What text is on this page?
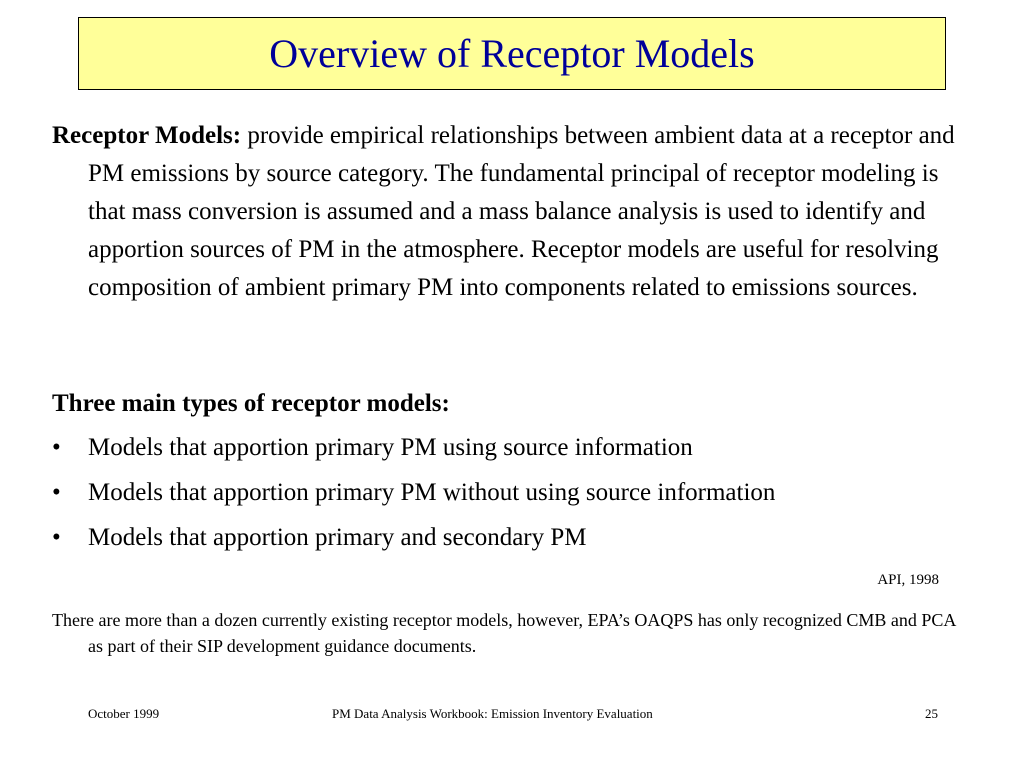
Overview of Receptor Models
Receptor Models: provide empirical relationships between ambient data at a receptor and PM emissions by source category. The fundamental principal of receptor modeling is that mass conversion is assumed and a mass balance analysis is used to identify and apportion sources of PM in the atmosphere. Receptor models are useful for resolving composition of ambient primary PM into components related to emissions sources.
Three main types of receptor models:
•	Models that apportion primary PM using source information
•	Models that apportion primary PM without using source information
•	Models that apportion primary and secondary PM
API, 1998
There are more than a dozen currently existing receptor models, however, EPA’s OAQPS has only recognized CMB and PCA as part of their SIP development guidance documents.
October 1999	PM Data Analysis Workbook: Emission Inventory Evaluation	25
